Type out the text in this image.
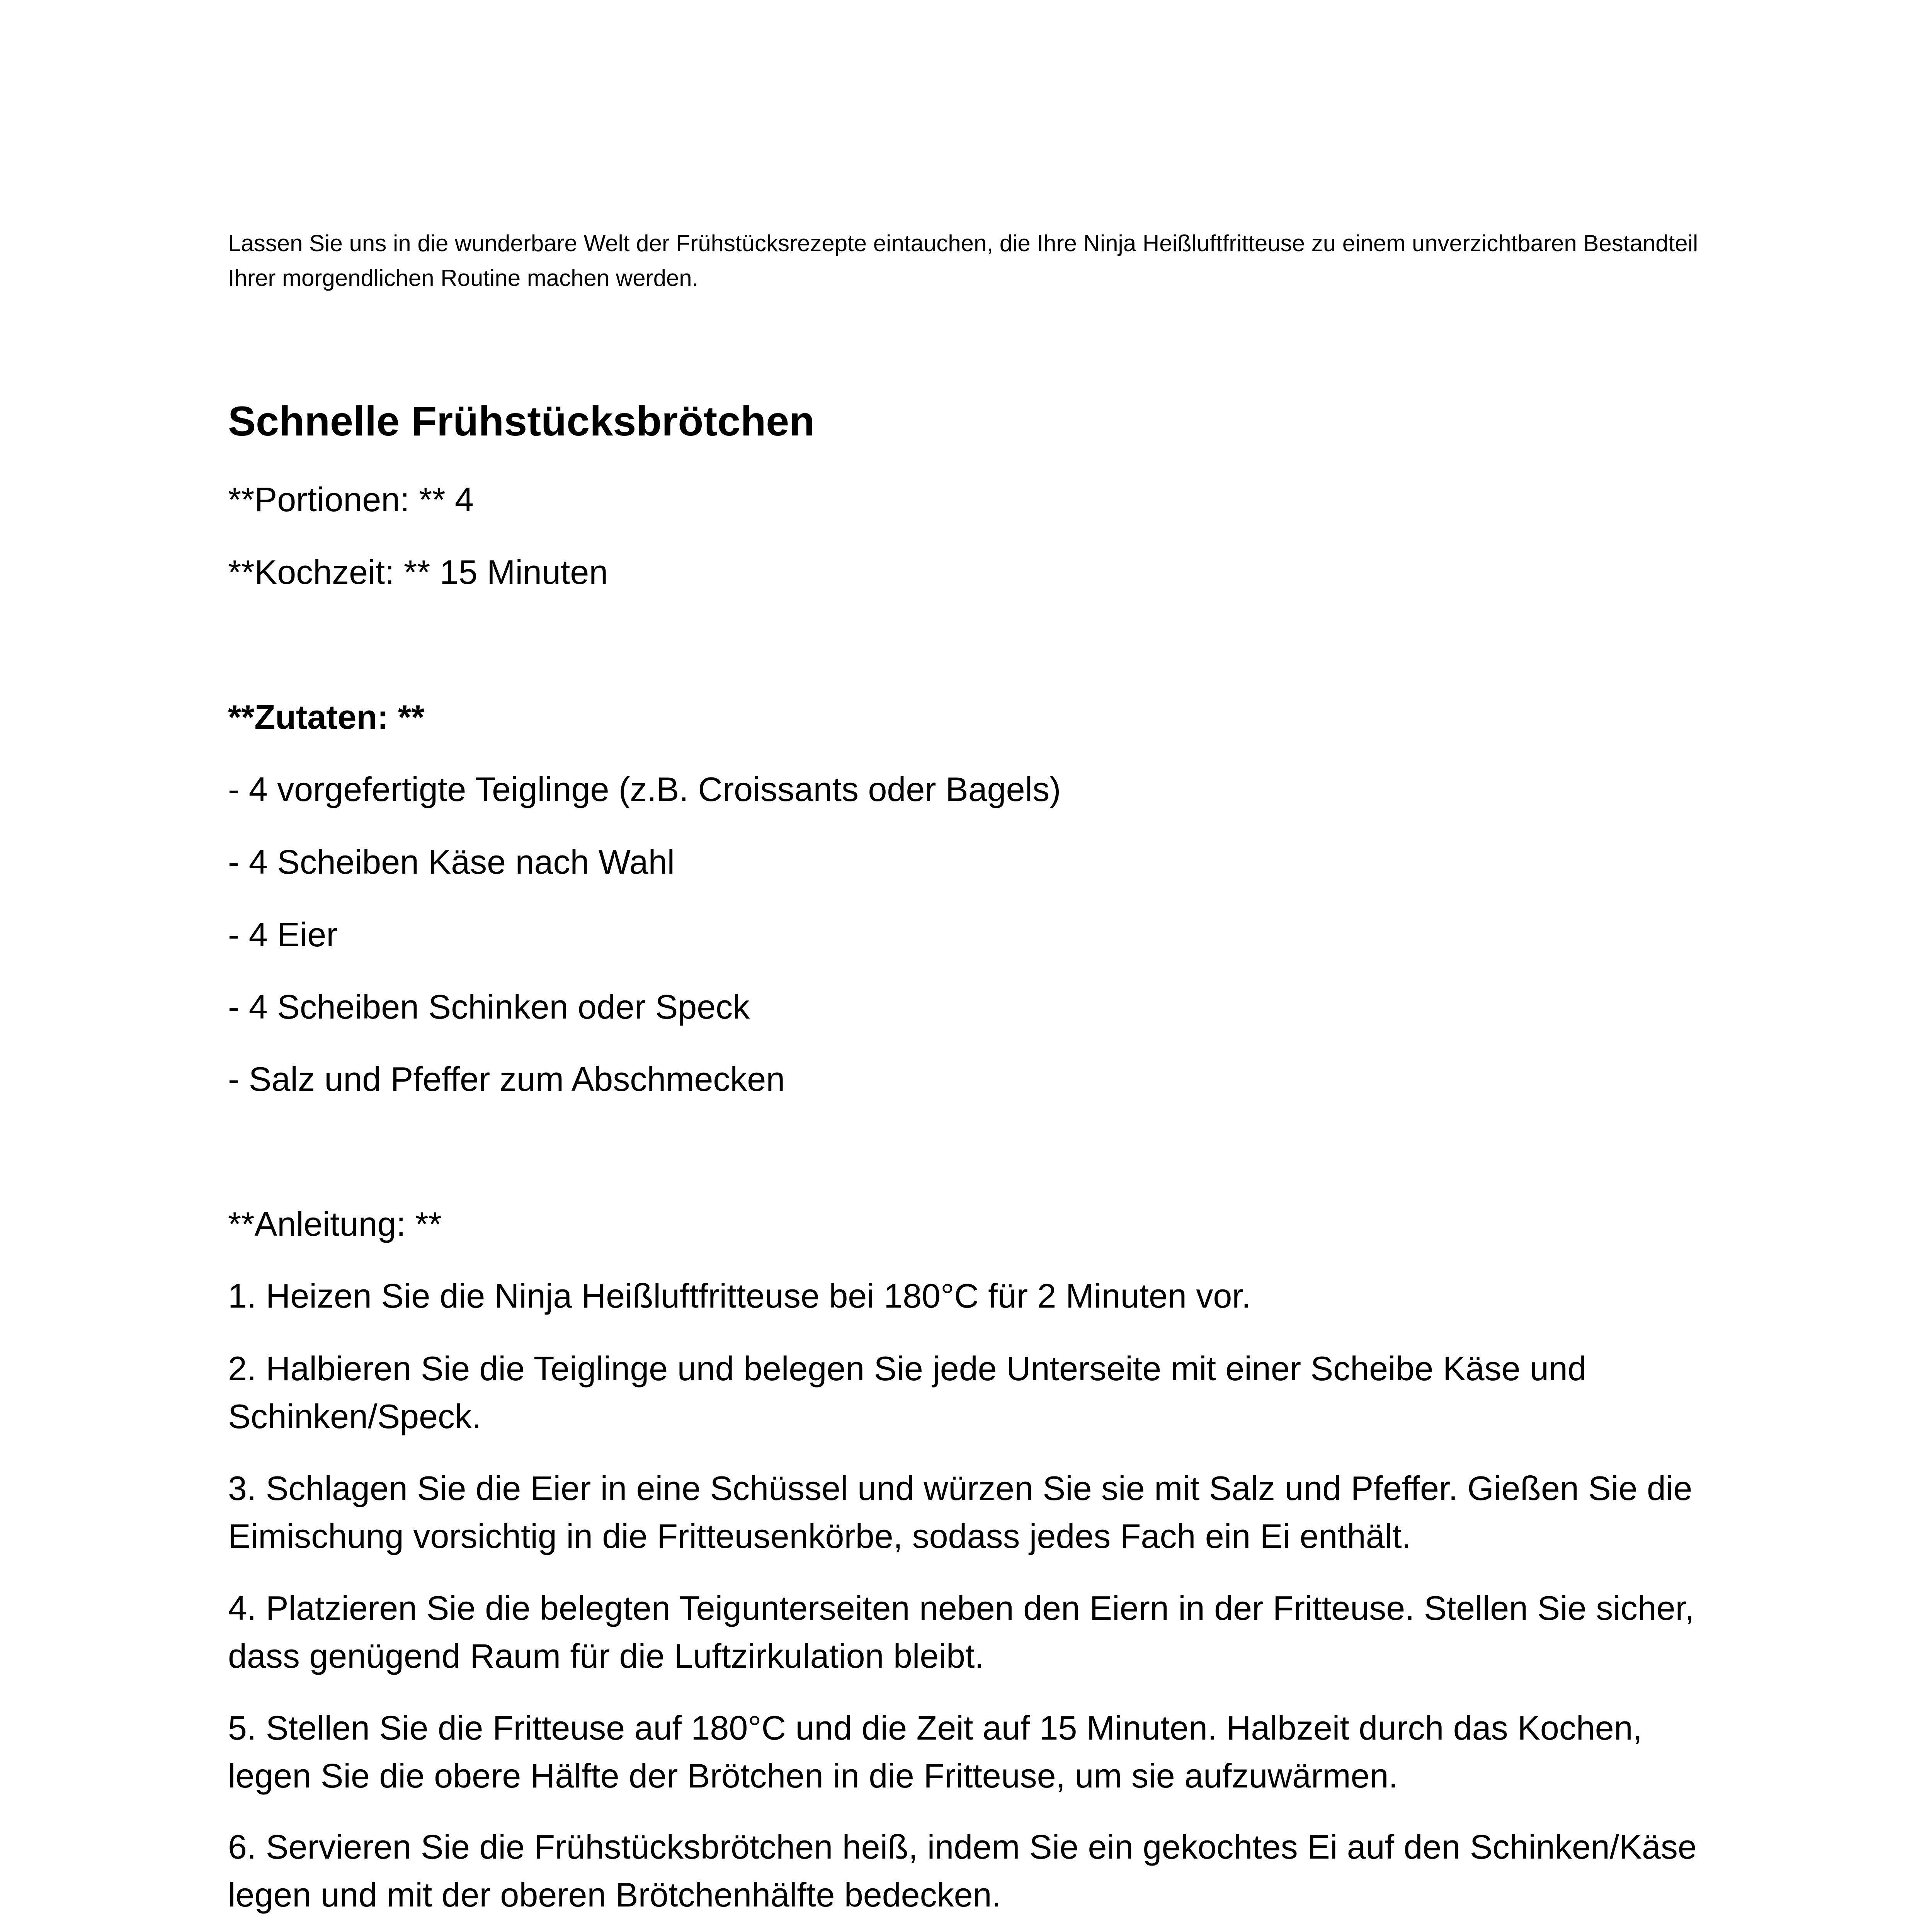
Lassen Sie uns in die wunderbare Welt der Frühstücksrezepte eintauchen, die Ihre Ninja Heißluftfritteuse zu einem unverzichtbaren Bestandteil Ihrer morgendlichen Routine machen werden.

Schnelle Frühstücksbrötchen

**Portionen: ** 4

**Kochzeit: ** 15 Minuten

**Zutaten: **

- 4 vorgefertigte Teiglinge (z.B. Croissants oder Bagels)

- 4 Scheiben Käse nach Wahl

- 4 Eier

- 4 Scheiben Schinken oder Speck

- Salz und Pfeffer zum Abschmecken

**Anleitung: **

1. Heizen Sie die Ninja Heißluftfritteuse bei 180°C für 2 Minuten vor.

2. Halbieren Sie die Teiglinge und belegen Sie jede Unterseite mit einer Scheibe Käse und Schinken/Speck.

3. Schlagen Sie die Eier in eine Schüssel und würzen Sie sie mit Salz und Pfeffer. Gießen Sie die Eimischung vorsichtig in die Fritteusenkörbe, sodass jedes Fach ein Ei enthält.

4. Platzieren Sie die belegten Teigunterseiten neben den Eiern in der Fritteuse. Stellen Sie sicher, dass genügend Raum für die Luftzirkulation bleibt.

5. Stellen Sie die Fritteuse auf 180°C und die Zeit auf 15 Minuten. Halbzeit durch das Kochen, legen Sie die obere Hälfte der Brötchen in die Fritteuse, um sie aufzuwärmen.

6. Servieren Sie die Frühstücksbrötchen heiß, indem Sie ein gekochtes Ei auf den Schinken/Käse legen und mit der oberen Brötchenhälfte bedecken.
